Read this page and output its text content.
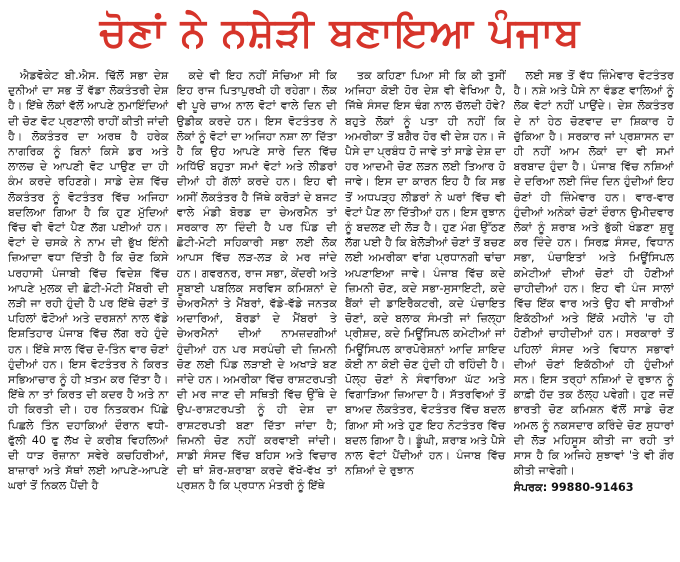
ਚੋਣਾਂ ਨੇ ਨਸ਼ੇੜੀ ਬਣਾਇਆ ਪੰਜਾਬ

ਐਡਵੋਕੇਟ ਬੀ.ਐਸ. ਢਿੱਲੋਂ ਸਭਾ ਦੇਸ਼ ਦੁਨੀਆਂ ਦਾ ਸਭ ਤੋਂ ਵੱਡਾ ਲੋਕਤੰਤਰੀ ਦੇਸ਼ ਹੈ। ਇੱਥੇ ਲੋਕਾਂ ਵੱਲੋਂ ਆਪਣੇ ਨੁਮਾਇੰਦਿਆਂ ਦੀ ਚੋਣ ਵੋਟ ਪ੍ਰਣਾਲੀ ਰਾਹੀਂ ਕੀਤੀ ਜਾਂਦੀ ਹੈ। ਲੋਕਤੰਤਰ ਦਾ ਅਰਥ ਹੈ ਹਰੇਕ ਨਾਗਰਿਕ ਨੂੰ ਬਿਨਾਂ ਕਿਸੇ ਡਰ ਅਤੇ ਲਾਲਚ ਦੇ ਆਪਣੀ ਵੋਟ ਪਾਉਣ ਦਾ ਹੀ ਕੰਮ ਕਰਦੇ ਰਹਿਣਗੇ। ਸਾਡੇ ਦੇਸ਼ ਵਿੱਚ ਲੋਕਤੰਤਰ ਨੂੰ ਵੋਟਤੰਤਰ ਵਿੱਚ ਅਜਿਹਾ ਬਦਲਿਆ ਗਿਆ ਹੈ ਕਿ ਹੁਣ ਮੁੱਦਿਆਂ ਵਿੱਚ ਵੀ ਵੋਟਾਂ ਪੈਣ ਲੱਗ ਪਈਆਂ ਹਨ। ਵੋਟਾਂ ਦੇ ਚਸਕੇ ਨੇ ਨਾਮ ਦੀ ਭੁੱਖ ਇੰਨੀ ਜ਼ਿਆਦਾ ਵਧਾ ਦਿੱਤੀ ਹੈ ਕਿ ਚੋਣ ਕਿਸੇ ਪਰਹਾਸੀ ਪੰਜਾਬੀ ਵਿੱਚ ਵਿਦੇਸ਼ ਵਿੱਚ ਆਪਣੇ ਮੁਲਕ ਦੀ ਛੋਟੀ-ਮੋਟੀ ਮੈਂਬਰੀ ਦੀ ਲੜੀ ਜਾ ਰਹੀ ਹੁੰਦੀ ਹੈ ਪਰ ਇੱਥੇ ਚੋਣਾਂ ਤੋਂ ਪਹਿਲਾਂ ਫੋਟੋਆਂ ਅਤੇ ਦਰਸ਼ਨਾਂ ਨਾਲ ਵੱਡੇ ਇਸ਼ਤਿਹਾਰ ਪੰਜਾਬ ਵਿੱਚ ਲੱਗ ਰਹੇ ਹੁੰਦੇ ਹਨ। ਇੱਥੇ ਸਾਲ ਵਿੱਚ ਦੋ-ਤਿੰਨ ਵਾਰ ਚੋਣਾਂ ਹੁੰਦੀਆਂ ਹਨ। ਇਸ ਵੋਟਤੰਤਰ ਨੇ ਕਿਰਤ ਸਭਿਆਚਾਰ ਨੂੰ ਹੀ ਖ਼ਤਮ ਕਰ ਦਿੱਤਾ ਹੈ। ਇੱਥੇ ਨਾ ਤਾਂ ਕਿਰਤ ਦੀ ਕਦਰ ਹੈ ਅਤੇ ਨਾ ਹੀ ਕਿਰਤੀ ਦੀ। ਹਰ ਨਿਤਕਰਮ ਪਿੱਛੇ ਪਿਛਲੇ ਤਿੰਨ ਦਹਾਕਿਆਂ ਦੌਰਾਨ ਵਧੀ-ਫੁੱਲੀ 40 ਫੁ ਲੱਖ ਦੇ ਕਰੀਬ ਵਿਹਲਿਆਂ ਦੀ ਧਾੜ ਰੋਜ਼ਾਨਾ ਸਵੇਰੇ ਕਚਹਿਰੀਆਂ, ਬਾਜ਼ਾਰਾਂ ਅਤੇ ਸੱਥਾਂ ਲਈ ਆਪਣੇ-ਆਪਣੇ ਘਰਾਂ ਤੋਂ ਨਿਕਲ ਪੈਂਦੀ ਹੈ

ਕਦੇ ਵੀ ਇਹ ਨਹੀਂ ਸੋਚਿਆ ਸੀ ਕਿ ਇਹ ਰਾਜ ਪਿਤਾਪੁਰਖੀ ਹੀ ਰਹੇਗਾ। ਲੋਕ ਵੀ ਪੂਰੇ ਚਾਅ ਨਾਲ ਵੋਟਾਂ ਵਾਲੇ ਦਿਨ ਦੀ ਉਡੀਕ ਕਰਦੇ ਹਨ। ਇਸ ਵੋਟਤੰਤਰ ਨੇ ਲੋਕਾਂ ਨੂੰ ਵੋਟਾਂ ਦਾ ਅਜਿਹਾ ਨਸ਼ਾ ਲਾ ਦਿੱਤਾ ਹੈ ਕਿ ਉਹ ਆਪਣੇ ਸਾਰੇ ਦਿਨ ਵਿੱਚ ਅਧਿੱਓਂ ਬਹੁਤਾ ਸਮਾਂ ਵੋਟਾਂ ਅਤੇ ਲੀਡਰਾਂ ਦੀਆਂ ਹੀ ਗੱਲਾਂ ਕਰਦੇ ਹਨ। ਇਹ ਵੀ ਅਸੀਂ ਲੋਕਤੰਤਰ ਹੈ ਜਿੱਥੇ ਕਰੋੜਾਂ ਦੇ ਬਜਟ ਵਾਲੇ ਮੰਡੀ ਬੋਰਡ ਦਾ ਚੇਅਰਮੈਨ ਤਾਂ ਸਰਕਾਰ ਲਾ ਦਿੰਦੀ ਹੈ ਪਰ ਪਿੰਡ ਦੀ ਛੋਟੀ-ਮੋਟੀ ਸਹਿਕਾਰੀ ਸਭਾ ਲਈ ਲੋਕ ਆਪਸ ਵਿੱਚ ਲੜ-ਲੜ ਕੇ ਮਰ ਜਾਂਦੇ ਹਨ। ਗਵਰਨਰ, ਰਾਜ ਸਭਾ, ਕੇਂਦਰੀ ਅਤੇ ਸੂਬਾਈ ਪਬਲਿਕ ਸਰਵਿਸ ਕਮਿਸ਼ਨਾਂ ਦੇ ਚੇਅਰਮੈਨਾਂ ਤੇ ਮੈਂਬਰਾਂ, ਵੱਡੇ-ਵੱਡੇ ਜਨਤਕ ਅਦਾਰਿਆਂ, ਬੋਰਡਾਂ ਦੇ ਮੈਂਬਰਾਂ ਤੇ ਚੇਅਰਮੈਨਾਂ ਦੀਆਂ ਨਾਮਜ਼ਦਗੀਆਂ ਹੁੰਦੀਆਂ ਹਨ ਪਰ ਸਰਪੰਚੀ ਦੀ ਜ਼ਿਮਨੀ ਚੋਣ ਲਈ ਪਿੰਡ ਲੜਾਈ ਦੇ ਅਖਾੜੇ ਬਣ ਜਾਂਦੇ ਹਨ। ਅਮਰੀਕਾ ਵਿੱਚ ਰਾਸ਼ਟਰਪਤੀ ਦੀ ਮਰ ਜਾਣ ਦੀ ਸਥਿਤੀ ਵਿੱਚ ਉੱਥੇ ਦੇ ਉਪ-ਰਾਸ਼ਟਰਪਤੀ ਨੂੰ ਹੀ ਦੇਸ਼ ਦਾ ਰਾਸ਼ਟਰਪਤੀ ਬਣਾ ਦਿੱਤਾ ਜਾਂਦਾ ਹੈ; ਜ਼ਿਮਨੀ ਚੋਣ ਨਹੀਂ ਕਰਵਾਈ ਜਾਂਦੀ। ਸਾਡੀ ਸੰਸਦ ਵਿੱਚ ਬਹਿਸ ਅਤੇ ਵਿਚਾਰ ਦੀ ਥਾਂ ਸ਼ੋਰ-ਸ਼ਰਾਬਾ ਕਰਦੇ ਵੱਖੋ-ਵੱਖ ਤਾਂ ਪ੍ਰਸ਼ਨ ਹੈ ਕਿ ਪ੍ਰਧਾਨ ਮੰਤਰੀ ਨੂੰ ਇੱਥੇ

ਤਕ ਕਹਿਣਾ ਪਿਆ ਸੀ ਕਿ ਕੀ ਤੁਸੀਂ ਅਜਿਹਾ ਕੋਈ ਹੋਰ ਦੇਸ਼ ਵੀ ਵੇਖਿਆ ਹੈ, ਜਿੱਥੇ ਸੰਸਦ ਇਸ ਢੰਗ ਨਾਲ ਚੱਲਦੀ ਹੋਵੇ? ਬਹੁਤੇ ਲੋਕਾਂ ਨੂੰ ਪਤਾ ਹੀ ਨਹੀਂ ਕਿ ਅਮਰੀਕਾ ਤੋਂ ਬਗੈਰ ਹੋਰ ਵੀ ਦੇਸ਼ ਹਨ। ਜੋ ਪੈਸੇ ਦਾ ਪ੍ਰਬੰਧ ਹੋ ਜਾਵੇ ਤਾਂ ਸਾਡੇ ਦੇਸ਼ ਦਾ ਹਰ ਆਦਮੀ ਚੋਣ ਲੜਨ ਲਈ ਤਿਆਰ ਹੋ ਜਾਵੇ। ਇਸ ਦਾ ਕਾਰਨ ਇਹ ਹੈ ਕਿ ਸਭ ਤੋਂ ਅਧਪੜ੍ਹ ਲੀਡਰਾਂ ਨੇ ਘਰਾਂ ਵਿੱਚ ਵੀ ਵੋਟਾਂ ਪੈਣ ਲਾ ਦਿੱਤੀਆਂ ਹਨ। ਇਸ ਰੁਝਾਨ ਨੂੰ ਬਦਲਣ ਦੀ ਲੋੜ ਹੈ। ਹੁਣ ਮੰਗ ਉੱਠਣ ਲੱਗ ਪਈ ਹੈ ਕਿ ਬੇਲੋੜੀਆਂ ਚੋਣਾਂ ਤੋਂ ਬਚਣ ਲਈ ਅਮਰੀਕਾ ਵਾਂਗ ਪ੍ਰਧਾਨਗੀ ਢਾਂਚਾ ਅਪਣਾਇਆ ਜਾਵੇ। ਪੰਜਾਬ ਵਿੱਚ ਕਦੇ ਜ਼ਿਮਨੀ ਚੋਣ, ਕਦੇ ਸਭਾ-ਸੁਸਾਇਟੀ, ਕਦੇ ਬੈਂਕਾਂ ਦੀ ਡਾਇਰੈਕਟਰੀ, ਕਦੇ ਪੰਚਾਇਤ ਚੋਣਾਂ, ਕਦੇ ਬਲਾਕ ਸੰਮਤੀ ਜਾਂ ਜ਼ਿਲ੍ਹਾ ਪ੍ਰੀਸ਼ਦ, ਕਦੇ ਮਿਊਂਸਿਪਲ ਕਮੇਟੀਆਂ ਜਾਂ ਮਿਊਂਸਿਪਲ ਕਾਰਪੋਰੇਸ਼ਨਾਂ ਆਦਿ ਸ਼ਾਇਦ ਕੋਈ ਨਾ ਕੋਈ ਚੋਣ ਹੁੰਦੀ ਹੀ ਰਹਿੰਦੀ ਹੈ। ਪੋਲ੍ਹ ਚੋਣਾਂ ਨੇ ਸੰਵਾਰਿਆ ਘੱਟ ਅਤੇ ਵਿਗਾੜਿਆ ਜ਼ਿਆਦਾ ਹੈ। ਸੱਤਰਵਿਆਂ ਤੋਂ ਬਾਅਦ ਲੋਕਤੰਤਰ, ਵੋਟਤੰਤਰ ਵਿੱਚ ਬਦਲ ਗਿਆ ਸੀ ਅਤੇ ਹੁਣ ਇਹ ਨੋਟਤੰਤਰ ਵਿੱਚ ਬਦਲ ਗਿਆ ਹੈ। ਡੂੰਘੀ, ਸ਼ਰਾਬ ਅਤੇ ਪੈਸੇ ਨਾਲ ਵੋਟਾਂ ਪੈਂਦੀਆਂ ਹਨ। ਪੰਜਾਬ ਵਿੱਚ ਨਸ਼ਿਆਂ ਦੇ ਰੁਝਾਨ

ਲਈ ਸਭ ਤੋਂ ਵੱਧ ਜ਼ਿੰਮੇਵਾਰ ਵੋਟਤੰਤਰ ਹੈ। ਨਸ਼ੇ ਅਤੇ ਪੈਸੇ ਨਾ ਵੰਡਣ ਵਾਲਿਆਂ ਨੂੰ ਲੋਕ ਵੋਟਾਂ ਨਹੀਂ ਪਾਉਂਦੇ। ਦੇਸ਼ ਲੋਕਤੰਤਰ ਦੇ ਨਾਂ ਹੇਠ ਚੋਣਵਾਦ ਦਾ ਸ਼ਿਕਾਰ ਹੋ ਚੁੱਕਿਆ ਹੈ। ਸਰਕਾਰ ਜਾਂ ਪ੍ਰਸ਼ਾਸਨ ਦਾ ਹੀ ਨਹੀਂ ਆਮ ਲੋਕਾਂ ਦਾ ਵੀ ਸਮਾਂ ਬਰਬਾਦ ਹੁੰਦਾ ਹੈ। ਪੰਜਾਬ ਵਿੱਚ ਨਸ਼ਿਆਂ ਦੇ ਦਰਿਆ ਲਈ ਜਿੰਦ ਦਿਨ ਹੁੰਦੀਆਂ ਇਹ ਚੋਣਾਂ ਹੀ ਜ਼ਿੰਮੇਵਾਰ ਹਨ। ਵਾਰ-ਵਾਰ ਹੁੰਦੀਆਂ ਅਨੇਕਾਂ ਚੋਣਾਂ ਦੌਰਾਨ ਉਮੀਦਵਾਰ ਲੋਕਾਂ ਨੂੰ ਸ਼ਰਾਬ ਅਤੇ ਭੁੱਕੀ ਖੰਡਣਾ ਸ਼ੁਰੂ ਕਰ ਦਿੰਦੇ ਹਨ। ਸਿਰਫ਼ ਸੰਸਦ, ਵਿਧਾਨ ਸਭਾ, ਪੰਚਾਇਤਾਂ ਅਤੇ ਮਿਊਂਸਿਪਲ ਕਮੇਟੀਆਂ ਦੀਆਂ ਚੋਣਾਂ ਹੀ ਹੋਣੀਆਂ ਚਾਹੀਦੀਆਂ ਹਨ। ਇਹ ਵੀ ਪੰਜ ਸਾਲਾਂ ਵਿੱਚ ਇੱਕ ਵਾਰ ਅਤੇ ਉਹ ਵੀ ਸਾਰੀਆਂ ਇਕੱਠੀਆਂ ਅਤੇ ਇੱਕੋ ਮਹੀਨੇ 'ਚ ਹੀ ਹੋਣੀਆਂ ਚਾਹੀਦੀਆਂ ਹਨ। ਸਰਕਾਰਾਂ ਤੋਂ ਪਹਿਲਾਂ ਸੰਸਦ ਅਤੇ ਵਿਧਾਨ ਸਭਾਵਾਂ ਦੀਆਂ ਚੋਣਾਂ ਇਕੱਠੀਆਂ ਹੀ ਹੁੰਦੀਆਂ ਸਨ। ਇਸ ਤਰ੍ਹਾਂ ਨਸ਼ਿਆਂ ਦੇ ਰੁਝਾਨ ਨੂੰ ਕਾਫ਼ੀ ਹੱਦ ਤਕ ਠੱਲ੍ਹ ਪਵੇਗੀ। ਹੁਣ ਜਦੋਂ ਭਾਰਤੀ ਚੋਣ ਕਮਿਸ਼ਨ ਵੱਲੋਂ ਸਾਡੇ ਚੋਣ ਅਮਲ ਨੂੰ ਨਕਸਦਾਰ ਕਰਿੰਦੇ ਚੋਣ ਸੁਧਾਰਾਂ ਦੀ ਲੋੜ ਮਹਿਸੂਸ ਕੀਤੀ ਜਾ ਰਹੀ ਤਾਂ ਸਾਸ ਹੈ ਕਿ ਅਜਿਹੇ ਸੁਝਾਵਾਂ 'ਤੇ ਵੀ ਗੌਰ ਕੀਤੀ ਜਾਵੇਗੀ।

ਸੰਪਰਕ: 99880-91463
